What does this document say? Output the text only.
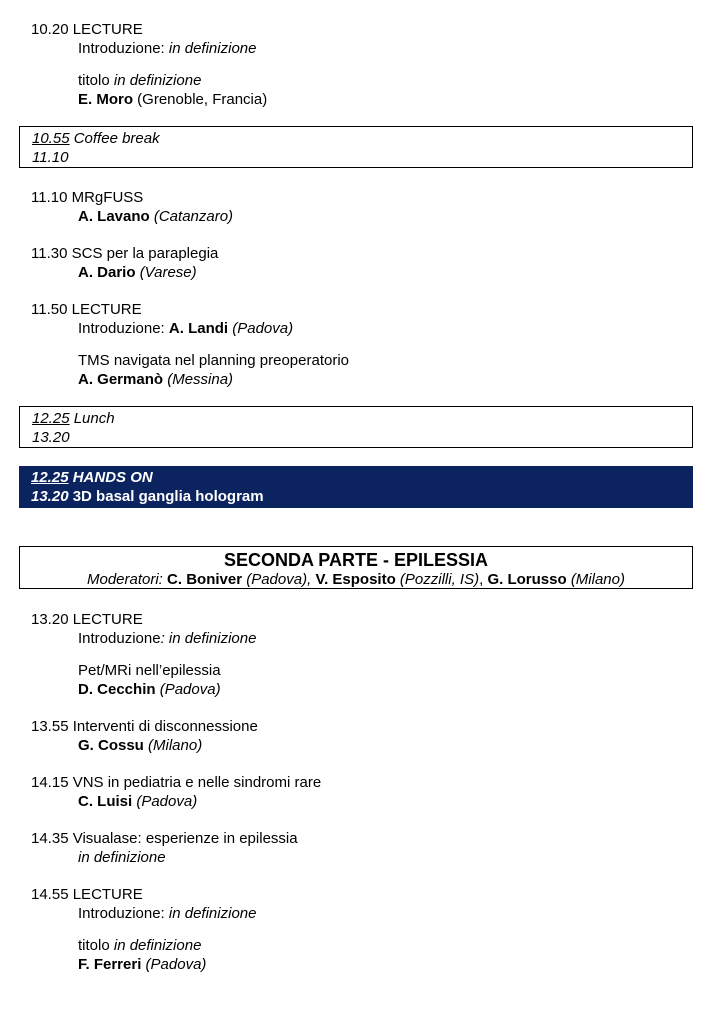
10.20 LECTURE
Introduzione: in definizione
titolo in definizione
E. Moro (Grenoble, Francia)
10.55 Coffee break
11.10
11.10 MRgFUSS
A. Lavano (Catanzaro)
11.30 SCS per la paraplegia
A. Dario (Varese)
11.50 LECTURE
Introduzione: A. Landi (Padova)
TMS navigata nel planning preoperatorio
A. Germanò (Messina)
12.25 Lunch
13.20
12.25 HANDS ON
13.20 3D basal ganglia hologram
SECONDA PARTE - EPILESSIA
Moderatori: C. Boniver (Padova), V. Esposito (Pozzilli, IS), G. Lorusso (Milano)
13.20 LECTURE
Introduzione: in definizione
Pet/MRi nell’epilessia
D. Cecchin (Padova)
13.55 Interventi di disconnessione
G. Cossu (Milano)
14.15 VNS in pediatria e nelle sindromi rare
C. Luisi (Padova)
14.35 Visualase: esperienze in epilessia
in definizione
14.55 LECTURE
Introduzione: in definizione
titolo in definizione
F. Ferreri (Padova)
